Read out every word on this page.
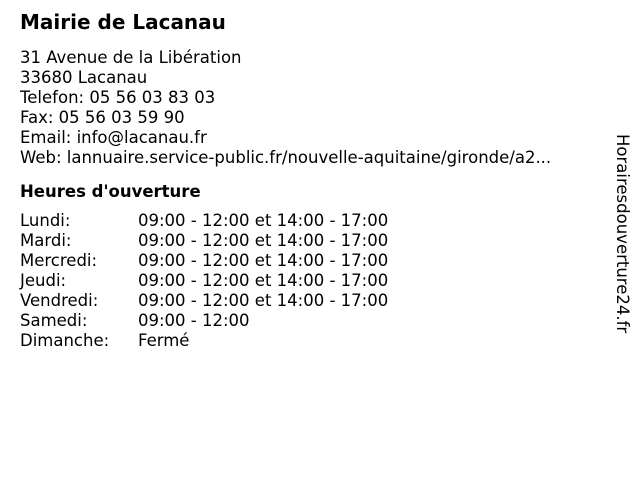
Mairie de Lacanau
31 Avenue de la Libération
33680 Lacanau
Telefon: 05 56 03 83 03
Fax: 05 56 03 59 90
Email: info@lacanau.fr
Web: lannuaire.service-public.fr/nouvelle-aquitaine/gironde/a2...
Heures d'ouverture
Lundi:	09:00 - 12:00 et 14:00 - 17:00
Mardi:	09:00 - 12:00 et 14:00 - 17:00
Mercredi:	09:00 - 12:00 et 14:00 - 17:00
Jeudi:	09:00 - 12:00 et 14:00 - 17:00
Vendredi:	09:00 - 12:00 et 14:00 - 17:00
Samedi:	09:00 - 12:00
Dimanche:	Fermé
Horairesdouverture24.fr
